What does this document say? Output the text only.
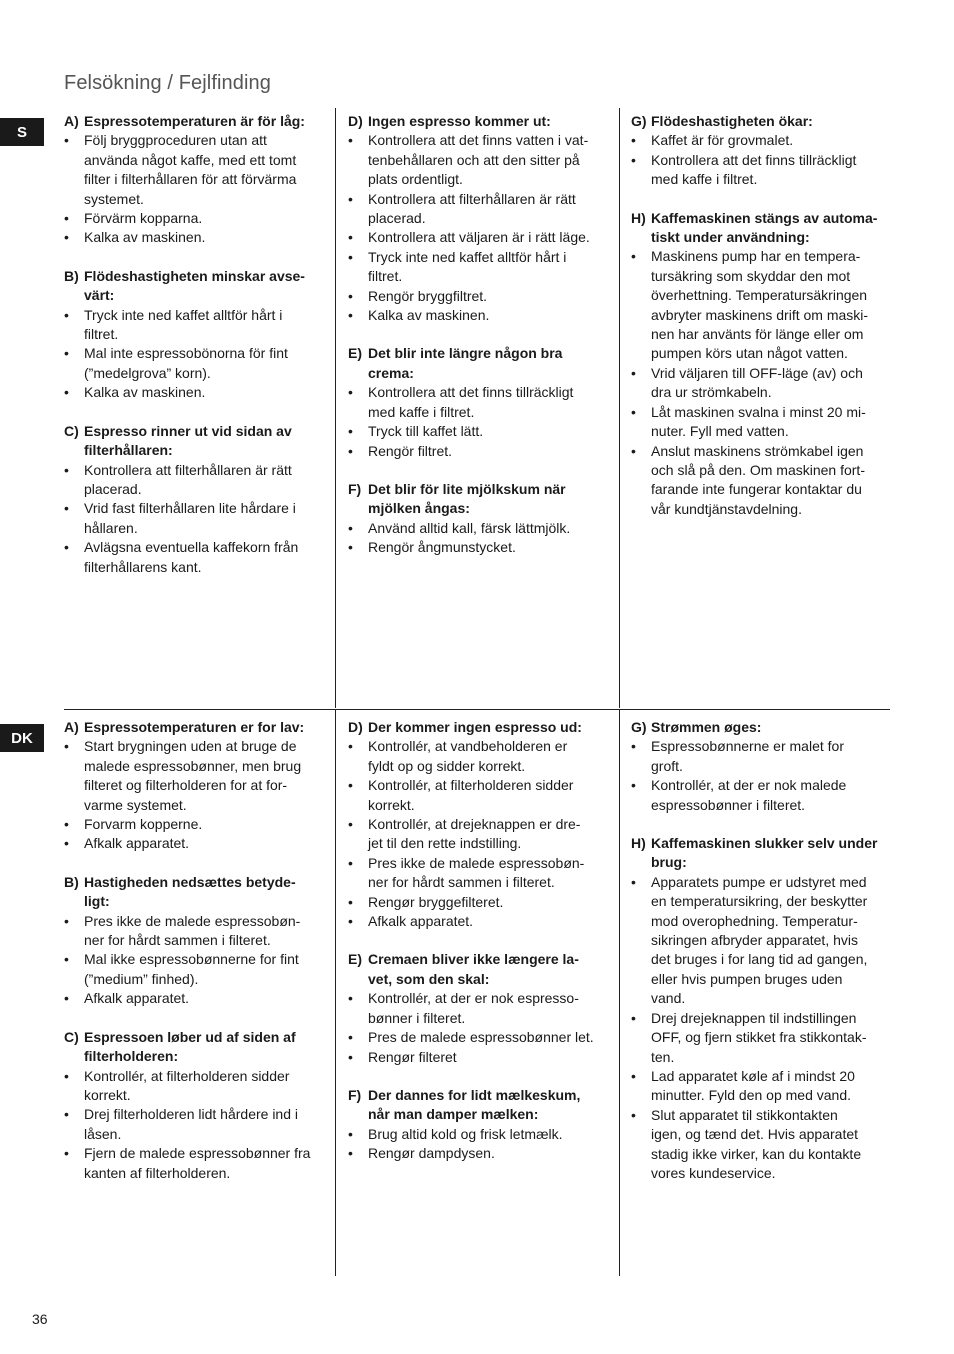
Felsökning / Fejlfinding
S
DK
A) Espressotemperaturen är för låg:
•	Följ bryggproceduren utan att
använda något kaffe, med ett tomt
filter i filterhållaren för att förvärma
systemet.
•	Förvärm kopparna.
•	Kalka av maskinen.
B) Flödeshastigheten minskar avse-
värt:
•	Tryck inte ned kaffet alltför hårt i
filtret.
•	Mal inte espressobönorna för fint
(”medelgrova” korn).
•	Kalka av maskinen.
C) Espresso rinner ut vid sidan av
filterhållaren:
•	Kontrollera att filterhållaren är rätt
placerad.
•	Vrid fast filterhållaren lite hårdare i
hållaren.
•	Avlägsna eventuella kaffekorn från
filterhållarens kant.
D) Ingen espresso kommer ut:
•	Kontrollera att det finns vatten i vat-
tenbehållaren och att den sitter på
plats ordentligt.
•	Kontrollera att filterhållaren är rätt
placerad.
•	Kontrollera att väljaren är i rätt läge.
•	Tryck inte ned kaffet alltför hårt i
filtret.
•	Rengör bryggfiltret.
•	Kalka av maskinen.
E) Det blir inte längre någon bra
crema:
•	Kontrollera att det finns tillräckligt
med kaffe i filtret.
•	Tryck till kaffet lätt.
•	Rengör filtret.
F) Det blir för lite mjölkskum när
mjölken ångas:
•	Använd alltid kall, färsk lättmjölk.
•	Rengör ångmunstycket.
G) Flödeshastigheten ökar:
•	Kaffet är för grovmalet.
•	Kontrollera att det finns tillräckligt
med kaffe i filtret.
H) Kaffemaskinen stängs av automa-
tiskt under användning:
•	Maskinens pump har en tempera-
tursäkring som skyddar den mot
överhettning. Temperatursäkringen
avbryter maskinens drift om maski-
nen har använts för länge eller om
pumpen körs utan något vatten.
•	Vrid väljaren till OFF-läge (av) och
dra ur strömkabeln.
•	Låt maskinen svalna i minst 20 mi-
nuter. Fyll med vatten.
•	Anslut maskinens strömkabel igen
och slå på den. Om maskinen fort-
farande inte fungerar kontaktar du
vår kundtjänstavdelning.
A) Espressotemperaturen er for lav:
•	Start brygningen uden at bruge de
malede espressobønner, men brug
filteret og filterholderen for at for-
varme systemet.
•	Forvarm kopperne.
•	Afkalk apparatet.
B) Hastigheden nedsættes betyde-
ligt:
•	Pres ikke de malede espressobøn-
ner for hårdt sammen i filteret.
•	Mal ikke espressobønnerne for fint
(”medium” finhed).
•	Afkalk apparatet.
C) Espressoen løber ud af siden af
filterholderen:
•	Kontrollér, at filterholderen sidder
korrekt.
•	Drej filterholderen lidt hårdere ind i
låsen.
•	Fjern de malede espressobønner fra
kanten af filterholderen.
D) Der kommer ingen espresso ud:
•	Kontrollér, at vandbeholderen er
fyldt op og sidder korrekt.
•	Kontrollér, at filterholderen sidder
korrekt.
•	Kontrollér, at drejeknappen er dre-
jet til den rette indstilling.
•	Pres ikke de malede espressobøn-
ner for hårdt sammen i filteret.
•	Rengør bryggefilteret.
•	Afkalk apparatet.
E) Cremaen bliver ikke længere la-
vet, som den skal:
•	Kontrollér, at der er nok espresso-
bønner i filteret.
•	Pres de malede espressobønner let.
•	Rengør filteret
F) Der dannes for lidt mælkeskum,
når man damper mælken:
•	Brug altid kold og frisk letmælk.
•	Rengør dampdysen.
G) Strømmen øges:
•	Espressobønnerne er malet for
groft.
•	Kontrollér, at der er nok malede
espressobønner i filteret.
H) Kaffemaskinen slukker selv under
brug:
•	Apparatets pumpe er udstyret med
en temperatursikring, der beskytter
mod overophedning. Temperatur-
sikringen afbryder apparatet, hvis
det bruges i for lang tid ad gangen,
eller hvis pumpen bruges uden
vand.
•	Drej drejeknappen til indstillingen
OFF, og fjern stikket fra stikkontak-
ten.
•	Lad apparatet køle af i mindst 20
minutter. Fyld den op med vand.
•	Slut apparatet til stikkontakten
igen, og tænd det. Hvis apparatet
stadig ikke virker, kan du kontakte
vores kundeservice.
36
